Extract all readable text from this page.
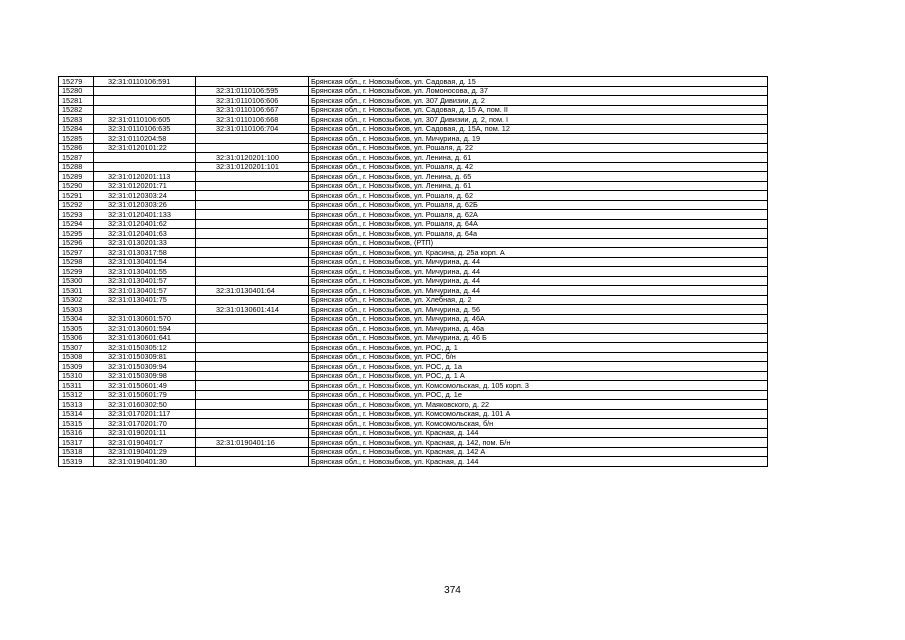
15279	32:31:0110106:591		Брянская обл., г. Новозыбков, ул. Садовая, д. 15
15280		32:31:0110106:595	Брянская обл., г. Новозыбков, ул. Ломоносова, д. 37
15281		32:31:0110106:606	Брянская обл., г. Новозыбков, ул. 307 Дивизии, д. 2
15282		32:31:0110106:667	Брянская обл., г. Новозыбков, ул. Садовая, д. 15 А, пом. II
15283	32:31:0110106:605	32:31:0110106:668	Брянская обл., г. Новозыбков, ул. 307 Дивизии, д. 2, пом. I
15284	32:31:0110106:635	32:31:0110106:704	Брянская обл., г. Новозыбков, ул. Садовая, д. 15А, пом. 12
15285	32:31:0110204:58		Брянская обл., г. Новозыбков, ул. Мичурина, д. 19
15286	32:31:0120101:22		Брянская обл., г. Новозыбков, ул. Рошаля, д. 22
15287		32:31:0120201:100	Брянская обл., г. Новозыбков, ул. Ленина, д. 61
15288		32:31:0120201:101	Брянская обл., г. Новозыбков, ул. Рошаля, д. 42
15289	32:31:0120201:113		Брянская обл., г. Новозыбков, ул. Ленина, д. 65
15290	32:31:0120201:71		Брянская обл., г. Новозыбков, ул. Ленина, д. 61
15291	32:31:0120303:24		Брянская обл., г. Новозыбков, ул. Рошаля, д. 62
15292	32:31:0120303:26		Брянская обл., г. Новозыбков, ул. Рошаля, д. 62Б
15293	32:31:0120401:133		Брянская обл., г. Новозыбков, ул. Рошаля, д. 62А
15294	32:31:0120401:62		Брянская обл., г. Новозыбков, ул. Рошаля, д. 64А
15295	32:31:0120401:63		Брянская обл., г. Новозыбков, ул. Рошаля, д. 64а
15296	32:31:0130201:33		Брянская обл., г. Новозыбков, (РТП)
15297	32:31:0130317:58		Брянская обл., г. Новозыбков, ул. Красина, д. 25а корп. А
15298	32:31:0130401:54		Брянская обл., г. Новозыбков, ул. Мичурина, д. 44
15299	32:31:0130401:55		Брянская обл., г. Новозыбков, ул. Мичурина, д. 44
15300	32:31:0130401:57		Брянская обл., г. Новозыбков, ул. Мичурина, д. 44
15301	32:31:0130401:57	32:31:0130401:64	Брянская обл., г. Новозыбков, ул. Мичурина, д. 44
15302	32:31:0130401:75		Брянская обл., г. Новозыбков, ул. Хлебная, д. 2
15303		32:31:0130601:414	Брянская обл., г. Новозыбков, ул. Мичурина, д. 56
15304	32:31:0130601:570		Брянская обл., г. Новозыбков, ул. Мичурина, д. 46А
15305	32:31:0130601:594		Брянская обл., г. Новозыбков, ул. Мичурина, д. 46а
15306	32:31:0130601:641		Брянская обл., г. Новозыбков, ул. Мичурина, д. 46 Б
15307	32:31:0150305:12		Брянская обл., г. Новозыбков, ул. РОС, д. 1
15308	32:31:0150309:81		Брянская обл., г. Новозыбков, ул. РОС, б/н
15309	32:31:0150309:94		Брянская обл., г. Новозыбков, ул. РОС, д. 1а
15310	32:31:0150309:98		Брянская обл., г. Новозыбков, ул. РОС, д. 1 А
15311	32:31:0150601:49		Брянская обл., г. Новозыбков, ул. Комсомольская, д. 105 корп. 3
15312	32:31:0150601:79		Брянская обл., г. Новозыбков, ул. РОС, д. 1е
15313	32:31:0160302:50		Брянская обл., г. Новозыбков, ул. Маяковского, д. 22
15314	32:31:0170201:117		Брянская обл., г. Новозыбков, ул. Комсомольская, д. 101 А
15315	32:31:0170201:70		Брянская обл., г. Новозыбков, ул. Комсомольская, б/н
15316	32:31:0190201:11		Брянская обл., г. Новозыбков, ул. Красная, д. 144
15317	32:31:0190401:7	32:31:0190401:16	Брянская обл., г. Новозыбков, ул. Красная, д. 142, пом. Б/н
15318	32:31:0190401:29		Брянская обл., г. Новозыбков, ул. Красная, д. 142 А
15319	32:31:0190401:30		Брянская обл., г. Новозыбков, ул. Красная, д. 144
374
